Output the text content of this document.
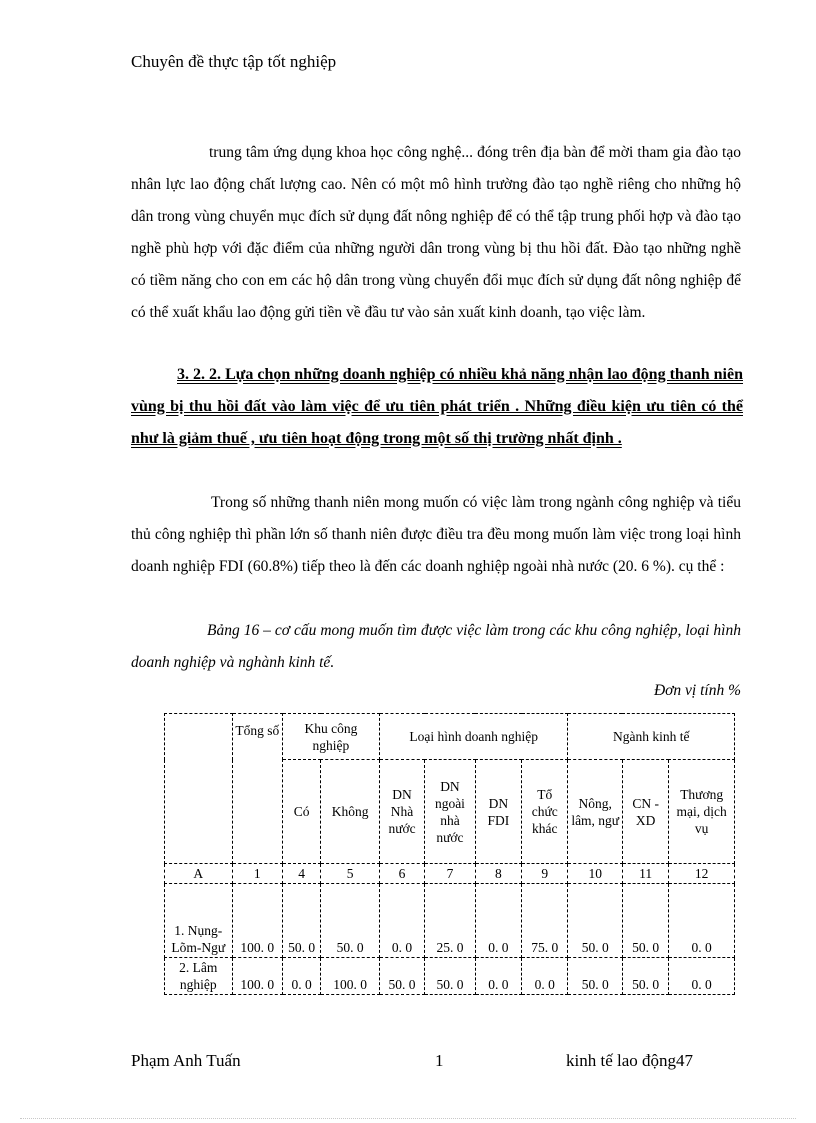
Chuyên đề thực tập tốt nghiệp
trung tâm ứng dụng khoa học công nghệ... đóng trên địa bàn để mời tham gia đào tạo nhân lực lao động chất lượng cao. Nên có một mô hình trường đào tạo nghề riêng cho những hộ dân trong vùng chuyển mục đích sử dụng đất nông nghiệp để có thể tập trung phối hợp và đào tạo nghề phù hợp với đặc điểm của những người dân trong vùng bị thu hồi đất. Đào tạo những nghề có tiềm năng cho con em các hộ dân trong vùng chuyển đổi mục đích sử dụng đất nông nghiệp để có thể xuất khẩu lao động gửi tiền về đầu tư vào sản xuất kinh doanh, tạo việc làm.
3. 2. 2. Lựa chọn những doanh nghiệp có nhiều khả năng nhận lao động thanh niên vùng bị thu hồi đất vào làm việc để ưu tiên phát triển . Những điều kiện ưu tiên có thể như là giảm thuế , ưu tiên hoạt động trong một số thị trường nhất định .
Trong số những thanh niên mong muốn có việc làm trong ngành công nghiệp và tiểu thủ công nghiệp thì phần lớn số thanh niên được điều tra đều mong muốn làm việc trong loại hình doanh nghiệp FDI (60.8%) tiếp theo là đến các doanh nghiệp ngoài nhà nước (20. 6 %). cụ thể :
Bảng 16 – cơ cấu mong muốn tìm được việc làm trong các khu công nghiệp, loại hình doanh nghiệp và nghành kinh tế.
Đơn vị tính %
	Tổng số	Khu công nghiệp		Loại hình doanh nghiệp				Ngành kinh tế		
		Có	Không	DN Nhà nước	DN ngoài nhà nước	DN FDI	Tổ chức khác	Nông, lâm, ngư	CN - XD	Thương mại, dịch vụ
A	1	4	5	6	7	8	9	10	11	12
1. Nụng-Lõm-Ngư	100. 0	50. 0	50. 0	0. 0	25. 0	0. 0	75. 0	50. 0	50. 0	0. 0
2. Lâm nghiệp	100. 0	0. 0	100. 0	50. 0	50. 0	0. 0	0. 0	50. 0	50. 0	0. 0
Phạm Anh Tuấn	1	kinh tế lao động47
